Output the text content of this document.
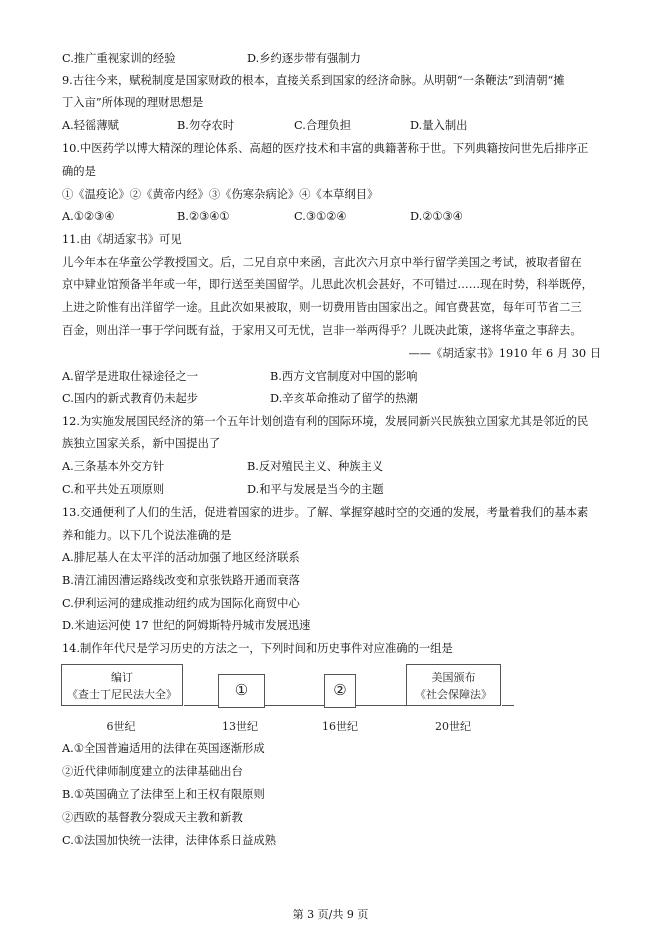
C.推广重视家训的经验	D.乡约逐步带有强制力
9.古往今来，赋税制度是国家财政的根本，直接关系到国家的经济命脉。从明朝“一条鞭法”到清朝“摊
丁入亩”所体现的理财思想是
A.轻徭薄赋	B.勿夺农时	C.合理负担	D.量入制出
10.中医药学以博大精深的理论体系、高超的医疗技术和丰富的典籍著称于世。下列典籍按问世先后排序正
确的是
①《温疫论》②《黄帝内经》③《伤寒杂病论》④《本草纲目》
A.①②③④	B.②③④①	C.③①②④	D.②①③④
11.由《胡适家书》可见
儿今年本在华童公学教授国文。后，二兄自京中来函，言此次六月京中举行留学美国之考试，被取者留在
京中肄业馆预备半年或一年，即行送至美国留学。儿思此次机会甚好，不可错过……现在时势，科举既停，
上进之阶惟有出洋留学一途。且此次如果被取，则一切费用皆由国家出之。闻官费甚宽，每年可节省二三
百金，则出洋一事于学问既有益，于家用又可无忧，岂非一举两得乎？儿既决此策，遂将华童之事辞去。
——《胡适家书》1910 年 6 月 30 日
A.留学是进取仕禄途径之一	B.西方文官制度对中国的影响
C.国内的新式教育仍未起步	D.辛亥革命推动了留学的热潮
12.为实施发展国民经济的第一个五年计划创造有利的国际环境，发展同新兴民族独立国家尤其是邻近的民
族独立国家关系，新中国提出了
A.三条基本外交方针	B.反对殖民主义、种族主义
C.和平共处五项原则	D.和平与发展是当今的主题
13.交通便利了人们的生活，促进着国家的进步。了解、掌握穿越时空的交通的发展，考量着我们的基本素
养和能力。以下几个说法准确的是
A.腓尼基人在太平洋的活动加强了地区经济联系
B.清江浦因漕运路线改变和京张铁路开通而衰落
C.伊利运河的建成推动纽约成为国际化商贸中心
D.米迪运河使 17 世纪的阿姆斯特丹城市发展迅速
14.制作年代尺是学习历史的方法之一，下列时间和历史事件对应准确的一组是
编订
《查士丁尼民法大全》	①	②
美国颁布
《社会保障法》
6世纪	13世纪	16世纪	20世纪
A.①全国普遍适用的法律在英国逐渐形成
②近代律师制度建立的法律基础出台
B.①英国确立了法律至上和王权有限原则
②西欧的基督教分裂成天主教和新教
C.①法国加快统一法律，法律体系日益成熟
第 3 页/共 9 页
